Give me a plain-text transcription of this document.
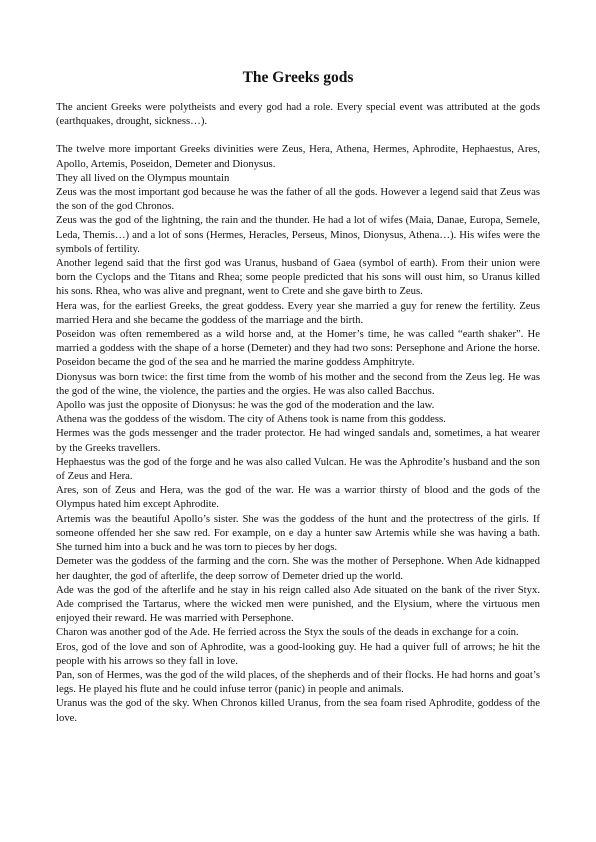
The Greeks gods

The ancient Greeks were polytheists and every god had a role. Every special event was attributed at the gods (earthquakes, drought, sickness…).

The twelve more important Greeks divinities were Zeus, Hera, Athena, Hermes, Aphrodite, Hephaestus, Ares, Apollo, Artemis, Poseidon, Demeter and Dionysus.

They all lived on the Olympus mountain

Zeus was the most important god because he was the father of all the gods. However a legend said that Zeus was the son of the god Chronos.

Zeus was the god of the lightning, the rain and the thunder. He had a lot of wifes (Maia, Danae, Europa, Semele, Leda, Themis…) and a lot of sons (Hermes, Heracles, Perseus, Minos, Dionysus, Athena…). His wifes were the symbols of fertility.

Another legend said that the first god was Uranus, husband of Gaea (symbol of earth). From their union were born the Cyclops and the Titans and Rhea; some people predicted that his sons will oust him, so Uranus killed his sons. Rhea, who was alive and pregnant, went to Crete and she gave birth to Zeus.

Hera was, for the earliest Greeks, the great goddess. Every year she married a guy for renew the fertility. Zeus married Hera and she became the goddess of the marriage and the birth.

Poseidon was often remembered as a wild horse and, at the Homer’s time, he was called “earth shaker”. He married a goddess with the shape of a horse (Demeter) and they had two sons: Persephone and Arione the horse. Poseidon became the god of the sea and he married the marine goddess Amphitryte.

Dionysus was born twice: the first time from the womb of his mother and the second from the Zeus leg. He was the god of the wine, the violence, the parties and the orgies. He was also called Bacchus.

Apollo was just the opposite of Dionysus: he was the god of the moderation and the law.

Athena was the goddess of the wisdom. The city of Athens took is name from this goddess.

Hermes was the gods messenger and the trader protector. He had winged sandals and, sometimes, a hat wearer by the Greeks travellers.

Hephaestus was the god of the forge and he was also called Vulcan. He was the Aphrodite’s husband and the son of Zeus and Hera.

Ares, son of Zeus and Hera, was the god of the war. He was a warrior thirsty of blood and the gods of the Olympus hated him except Aphrodite.

Artemis was the beautiful Apollo’s sister. She was the goddess of the hunt and the protectress of the girls. If someone offended her she saw red. For example, on e day a hunter saw Artemis while she was having a bath. She turned him into a buck and he was torn to pieces by her dogs.

Demeter was the goddess of the farming and the corn. She was the mother of Persephone. When Ade kidnapped her daughter, the god of afterlife, the deep sorrow of Demeter dried up the world.

Ade was the god of the afterlife and he stay in his reign called also Ade situated on the bank of the river Styx. Ade comprised the Tartarus, where the wicked men were punished, and the Elysium, where the virtuous men enjoyed their reward. He was married with Persephone.

Charon was another god of the Ade. He ferried across the Styx the souls of the deads in exchange for a coin.

Eros, god of the love and son of Aphrodite, was a good-looking guy. He had a quiver full of arrows; he hit the people with his arrows so they fall in love.

Pan, son of Hermes, was the god of the wild places, of the shepherds and of their flocks. He had horns and goat’s legs. He played his flute and he could infuse terror (panic) in people and animals.

Uranus was the god of the sky. When Chronos killed Uranus, from the sea foam rised Aphrodite, goddess of the love.
